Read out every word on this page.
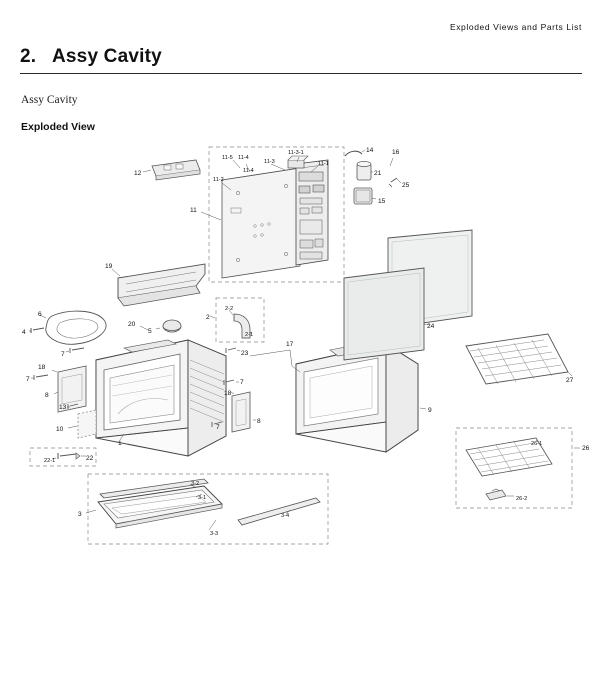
Exploded Views and Parts List
2. Assy Cavity
Assy Cavity
Exploded View
1
2
2-1
2-2
3
3-1
3-2
3-3
3-4
4	5
6
7
7	7
7
8
8
9
10
11
11-1
11-2
11-3
11-3-1
11-4
11-4
11-5
12
13
14
15
16
17
18
18
19
20
21
22
22-1
23
24
25
26
26-1
26-2
27
